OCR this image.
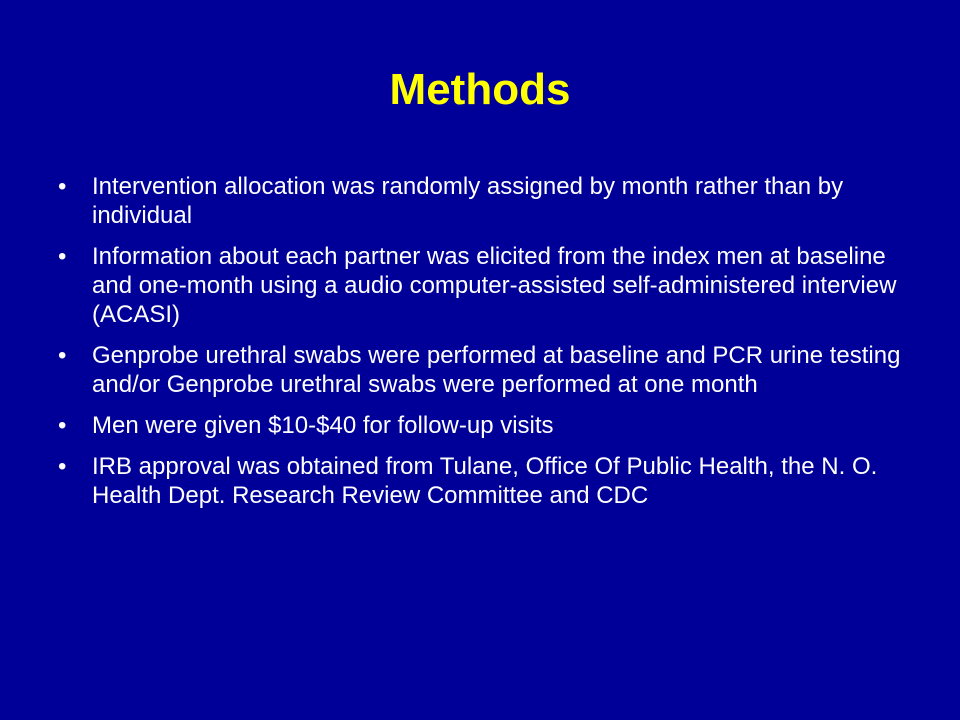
Methods
• Intervention allocation was randomly assigned by month rather than by individual
• Information about each partner was elicited from the index men at baseline and one-month using a audio computer-assisted self-administered interview (ACASI)
• Genprobe urethral swabs were performed at baseline and PCR urine testing and/or Genprobe urethral swabs were performed at one month
• Men were given $10-$40 for follow-up visits
• IRB approval was obtained from Tulane, Office Of Public Health, the N. O. Health Dept. Research Review Committee and CDC
